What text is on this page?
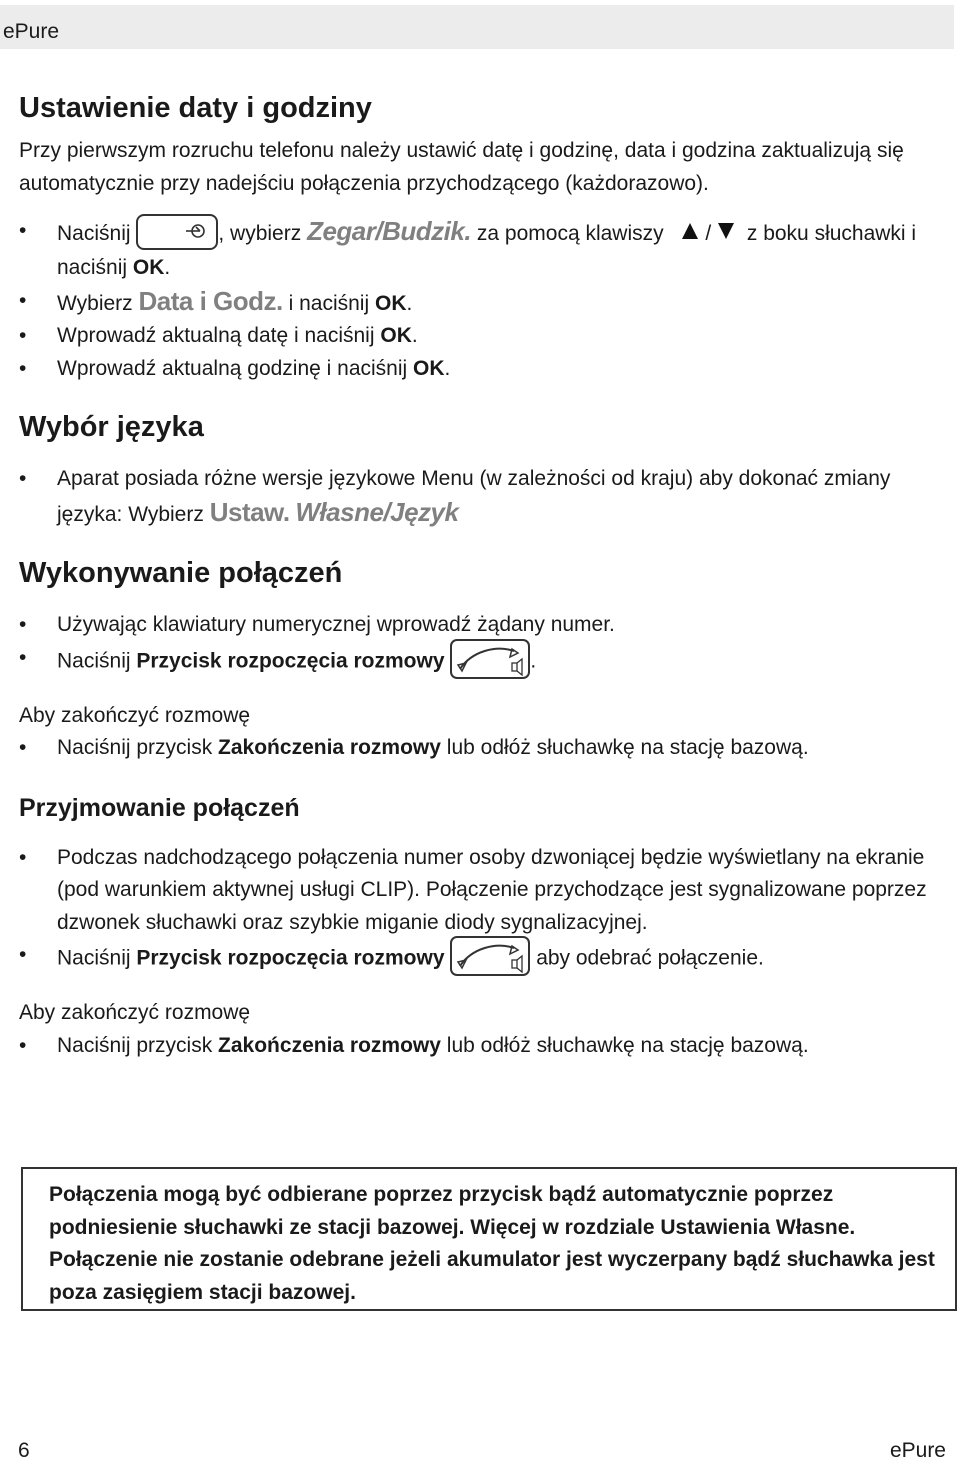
ePure
Ustawienie daty i godziny

Przy pierwszym rozruchu telefonu należy ustawić datę i godzinę, data i godzina zaktualizują się automatycznie przy nadejściu połączenia przychodzącego (każdorazowo).

• Naciśnij	, wybierz Zegar/Budzik. za pomocą klawiszy / z boku słuchawki i naciśnij OK.
• Wybierz Data i Godz. i naciśnij OK.
• Wprowadź aktualną datę i naciśnij OK.
• Wprowadź aktualną godzinę i naciśnij OK.
Wybór języka
• Aparat posiada różne wersje językowe Menu (w zależności od kraju) aby dokonać zmiany języka: Wybierz Ustaw. Własne/Język
Wykonywanie połączeń
• Używając klawiatury numerycznej wprowadź żądany numer.
• Naciśnij Przycisk rozpoczęcia rozmowy	.

Aby zakończyć rozmowę

• Naciśnij przycisk Zakończenia rozmowy lub odłóż słuchawkę na stację bazową.
Przyjmowanie połączeń
• Podczas nadchodzącego połączenia numer osoby dzwoniącej będzie wyświetlany na ekranie (pod warunkiem aktywnej usługi CLIP). Połączenie przychodzące jest sygnalizowane poprzez dzwonek słuchawki oraz szybkie miganie diody sygnalizacyjnej.
• Naciśnij Przycisk rozpoczęcia rozmowy	aby odebrać połączenie.

Aby zakończyć rozmowę

• Naciśnij przycisk Zakończenia rozmowy lub odłóż słuchawkę na stację bazową.
Połączenia mogą być odbierane poprzez przycisk bądź automatycznie poprzez podniesienie słuchawki ze stacji bazowej. Więcej w rozdziale Ustawienia Własne. Połączenie nie zostanie odebrane jeżeli akumulator jest wyczerpany bądź słuchawka jest poza zasięgiem stacji bazowej.
6	ePure
